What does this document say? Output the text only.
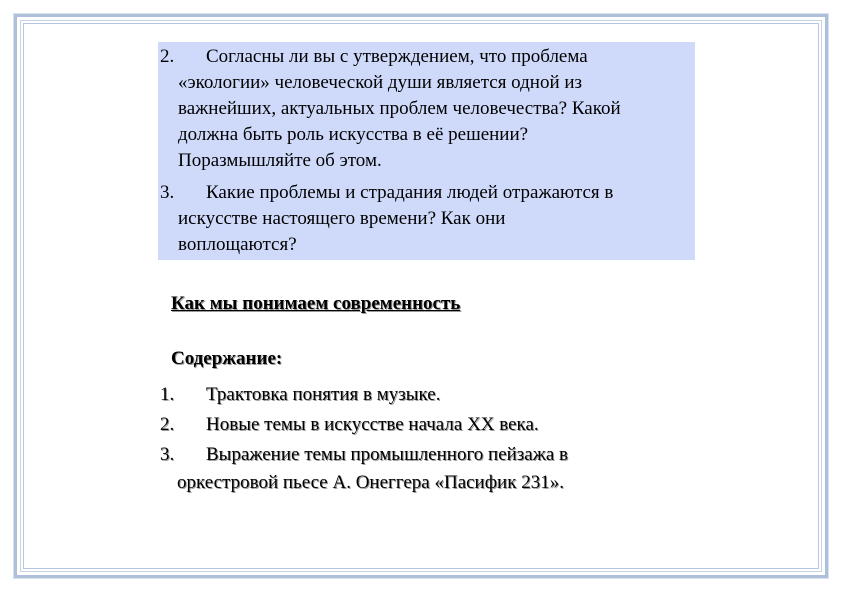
2. Согласны ли вы с утверждением, что проблема
«экологии» человеческой души является одной из
важнейших, актуальных проблем человечества? Какой
должна быть роль искусства в её решении?
Поразмышляйте об этом.
3. Какие проблемы и страдания людей отражаются в
искусстве настоящего времени? Как они
воплощаются?
Как мы понимаем современность
Содержание:
1. Трактовка понятия в музыке.
2. Новые темы в искусстве начала XX века.
3. Выражение темы промышленного пейзажа в
оркестровой пьесе А. Онеггера «Пасифик 231».
